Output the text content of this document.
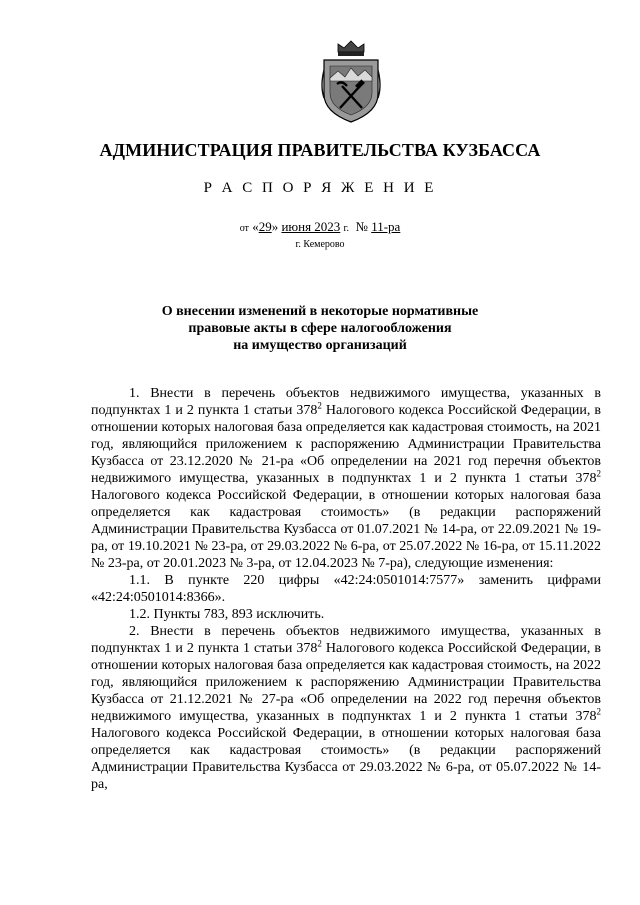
АДМИНИСТРАЦИЯ ПРАВИТЕЛЬСТВА КУЗБАССА
Р А С П О Р Я Ж Е Н И Е
от «29» июня 2023 г. № 11-ра
г. Кемерово
О внесении изменений в некоторые нормативные
правовые акты в сфере налогообложения
на имущество организаций

1. Внести в перечень объектов недвижимого имущества, указанных в подпунктах 1 и 2 пункта 1 статьи $378^2$ Налогового кодекса Российской Федерации, в отношении которых налоговая база определяется как кадастровая стоимость, на 2021 год, являющийся приложением к распоряжению Администрации Правительства Кузбасса от 23.12.2020 № 21-ра «Об определении на 2021 год перечня объектов недвижимого имущества, указанных в подпунктах 1 и 2 пункта 1 статьи $378^2$ Налогового кодекса Российской Федерации, в отношении которых налоговая база определяется как кадастровая стоимость» (в редакции распоряжений Администрации Правительства Кузбасса от 01.07.2021 № 14-ра, от 22.09.2021 № 19-ра, от 19.10.2021 № 23-ра, от 29.03.2022 № 6-ра, от 25.07.2022 № 16-ра, от 15.11.2022 № 23-ра, от 20.01.2023 № 3-ра, от 12.04.2023 № 7-ра), следующие изменения:

1.1. В пункте 220 цифры «42:24:0501014:7577» заменить цифрами «42:24:0501014:8366».

1.2. Пункты 783, 893 исключить.

2. Внести в перечень объектов недвижимого имущества, указанных в подпунктах 1 и 2 пункта 1 статьи $378^2$ Налогового кодекса Российской Федерации, в отношении которых налоговая база определяется как кадастровая стоимость, на 2022 год, являющийся приложением к распоряжению Администрации Правительства Кузбасса от 21.12.2021 № 27-ра «Об определении на 2022 год перечня объектов недвижимого имущества, указанных в подпунктах 1 и 2 пункта 1 статьи $378^2$ Налогового кодекса Российской Федерации, в отношении которых налоговая база определяется как кадастровая стоимость» (в редакции распоряжений Администрации Правительства Кузбасса от 29.03.2022 № 6-ра, от 05.07.2022 № 14-ра,
